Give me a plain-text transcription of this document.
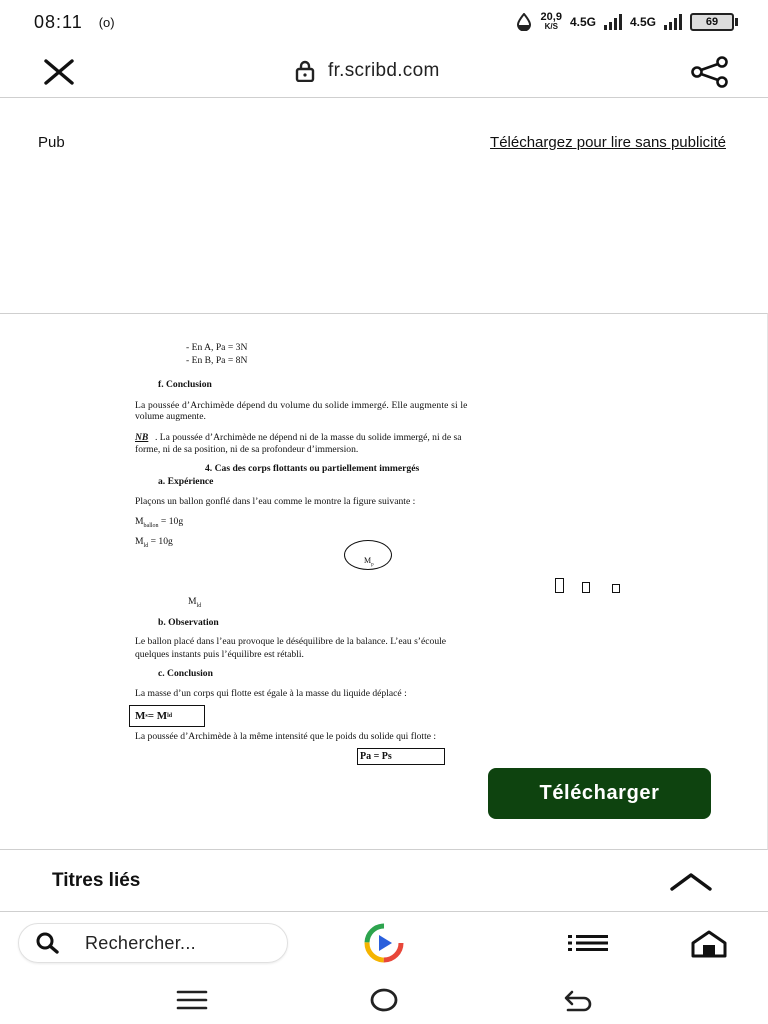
08:11 (o)	20,9
K/S 4.5G	4.5G	69
fr.scribd.com
Pub	Téléchargez pour lire sans publicité
- En A, Pa = 3N
- En B, Pa = 8N
f. Conclusion
La poussée d’Archimède dépend du volume du solide immergé. Elle augmente si le
volume augmente.
NB . La poussée d’Archimède ne dépend ni de la masse du solide immergé, ni de sa
forme, ni de sa position, ni de sa profondeur d’immersion.
4. Cas des corps flottants ou partiellement immergés
a. Expérience
Plaçons un ballon gonflé dans l’eau comme le montre la figure suivante :
$M_{ballon} = 10g$
$M_{ld} = 10g$
$M_p$
$M_{ld}$
b. Observation
Le ballon placé dans l’eau provoque le déséquilibre de la balance. L’eau s’écoule
quelques instants puis l’équilibre est rétabli.
c. Conclusion
La masse d’un corps qui flotte est égale à la masse du liquide déplacé :
M s = M ld
La poussée d’Archimède à la même intensité que le poids du solide qui flotte :
Pa = Ps
Télécharger
Titres liés
Rechercher...
